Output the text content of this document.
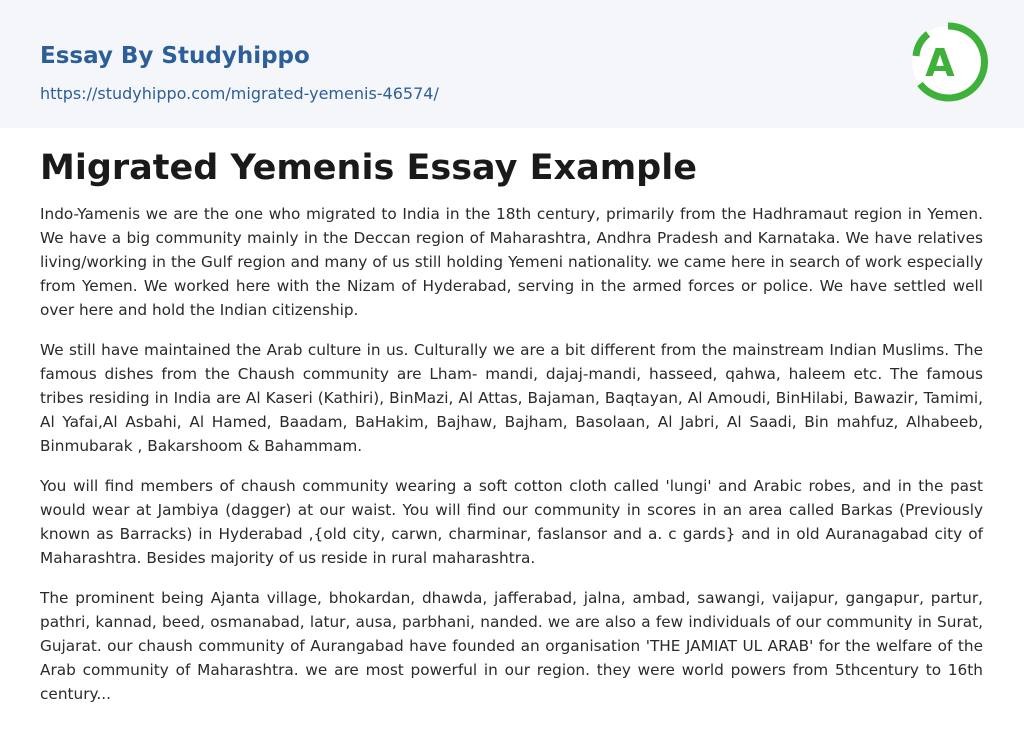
Essay By Studyhippo
https://studyhippo.com/migrated-yemenis-46574/
A
Migrated Yemenis Essay Example

Indo-Yamenis we are the one who migrated to India in the 18th century, primarily from the Hadhramaut region in Yemen. We have a big community mainly in the Deccan region of Maharashtra, Andhra Pradesh and Karnataka. We have relatives living/working in the Gulf region and many of us still holding Yemeni nationality. we came here in search of work especially from Yemen. We worked here with the Nizam of Hyderabad, serving in the armed forces or police. We have settled well over here and hold the Indian citizenship.

We still have maintained the Arab culture in us. Culturally we are a bit different from the mainstream Indian Muslims. The famous dishes from the Chaush community are Lham- mandi, dajaj-mandi, hasseed, qahwa, haleem etc. The famous tribes residing in India are Al Kaseri (Kathiri), BinMazi, Al Attas, Bajaman, Baqtayan, Al Amoudi, BinHilabi, Bawazir, Tamimi, Al Yafai,Al Asbahi, Al Hamed, Baadam, BaHakim, Bajhaw, Bajham, Basolaan, Al Jabri, Al Saadi, Bin mahfuz, Alhabeeb, Binmubarak , Bakarshoom & Bahammam.

You will find members of chaush community wearing a soft cotton cloth called 'lungi' and Arabic robes, and in the past would wear at Jambiya (dagger) at our waist. You will find our community in scores in an area called Barkas (Previously known as Barracks) in Hyderabad ,{old city, carwn, charminar, faslansor and a. c gards} and in old Auranagabad city of Maharashtra. Besides majority of us reside in rural maharashtra.

The prominent being Ajanta village, bhokardan, dhawda, jafferabad, jalna, ambad, sawangi, vaijapur, gangapur, partur, pathri, kannad, beed, osmanabad, latur, ausa, parbhani, nanded. we are also a few individuals of our community in Surat, Gujarat. our chaush community of Aurangabad have founded an organisation 'THE JAMIAT UL ARAB' for the welfare of the Arab community of Maharashtra. we are most powerful in our region. they were world powers from 5thcentury to 16th century...
